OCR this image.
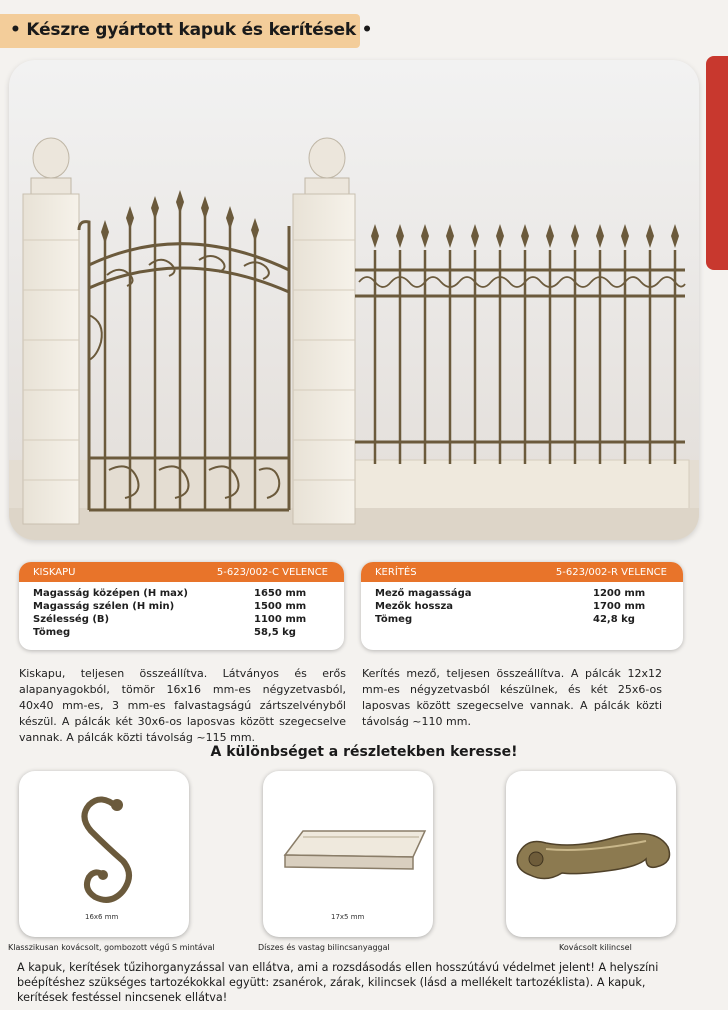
• Készre gyártott kapuk és kerítések •
KISKAPU	5-623/002-C VELENCE
Magasság középen (H max)	1650 mm
Magasság szélen (H min)	1500 mm
Szélesség (B)	1100 mm
Tömeg	58,5 kg
KERÍTÉS	5-623/002-R VELENCE
Mező magassága	1200 mm
Mezők hossza	1700 mm
Tömeg	42,8 kg
Kiskapu, teljesen összeállítva. Látványos és erős alapanyagokból, tömör 16x16 mm-es négyzetvasból, 40x40 mm-es, 3 mm-es falvastagságú zártszelvényből készül. A pálcák két 30x6-os laposvas között szegecselve vannak. A pálcák közti távolság ~115 mm.
Kerítés mező, teljesen összeállítva. A pálcák 12x12 mm-es négyzetvasból készülnek, és két 25x6-os laposvas között szegecselve vannak. A pálcák közti távolság ~110 mm.
A különbséget a részletekben keresse!
16x6 mm	17x5 mm
Klasszikusan kovácsolt, gombozott végű S mintával	Díszes és vastag bilincsanyaggal	Kovácsolt kilincsel
A kapuk, kerítések tűzihorganyzással van ellátva, ami a rozsdásodás ellen hosszútávú védelmet jelent! A helyszíni beépítéshez szükséges tartozékokkal együtt: zsanérok, zárak, kilincsek (lásd a mellékelt tartozéklista). A kapuk, kerítések festéssel nincsenek ellátva!
